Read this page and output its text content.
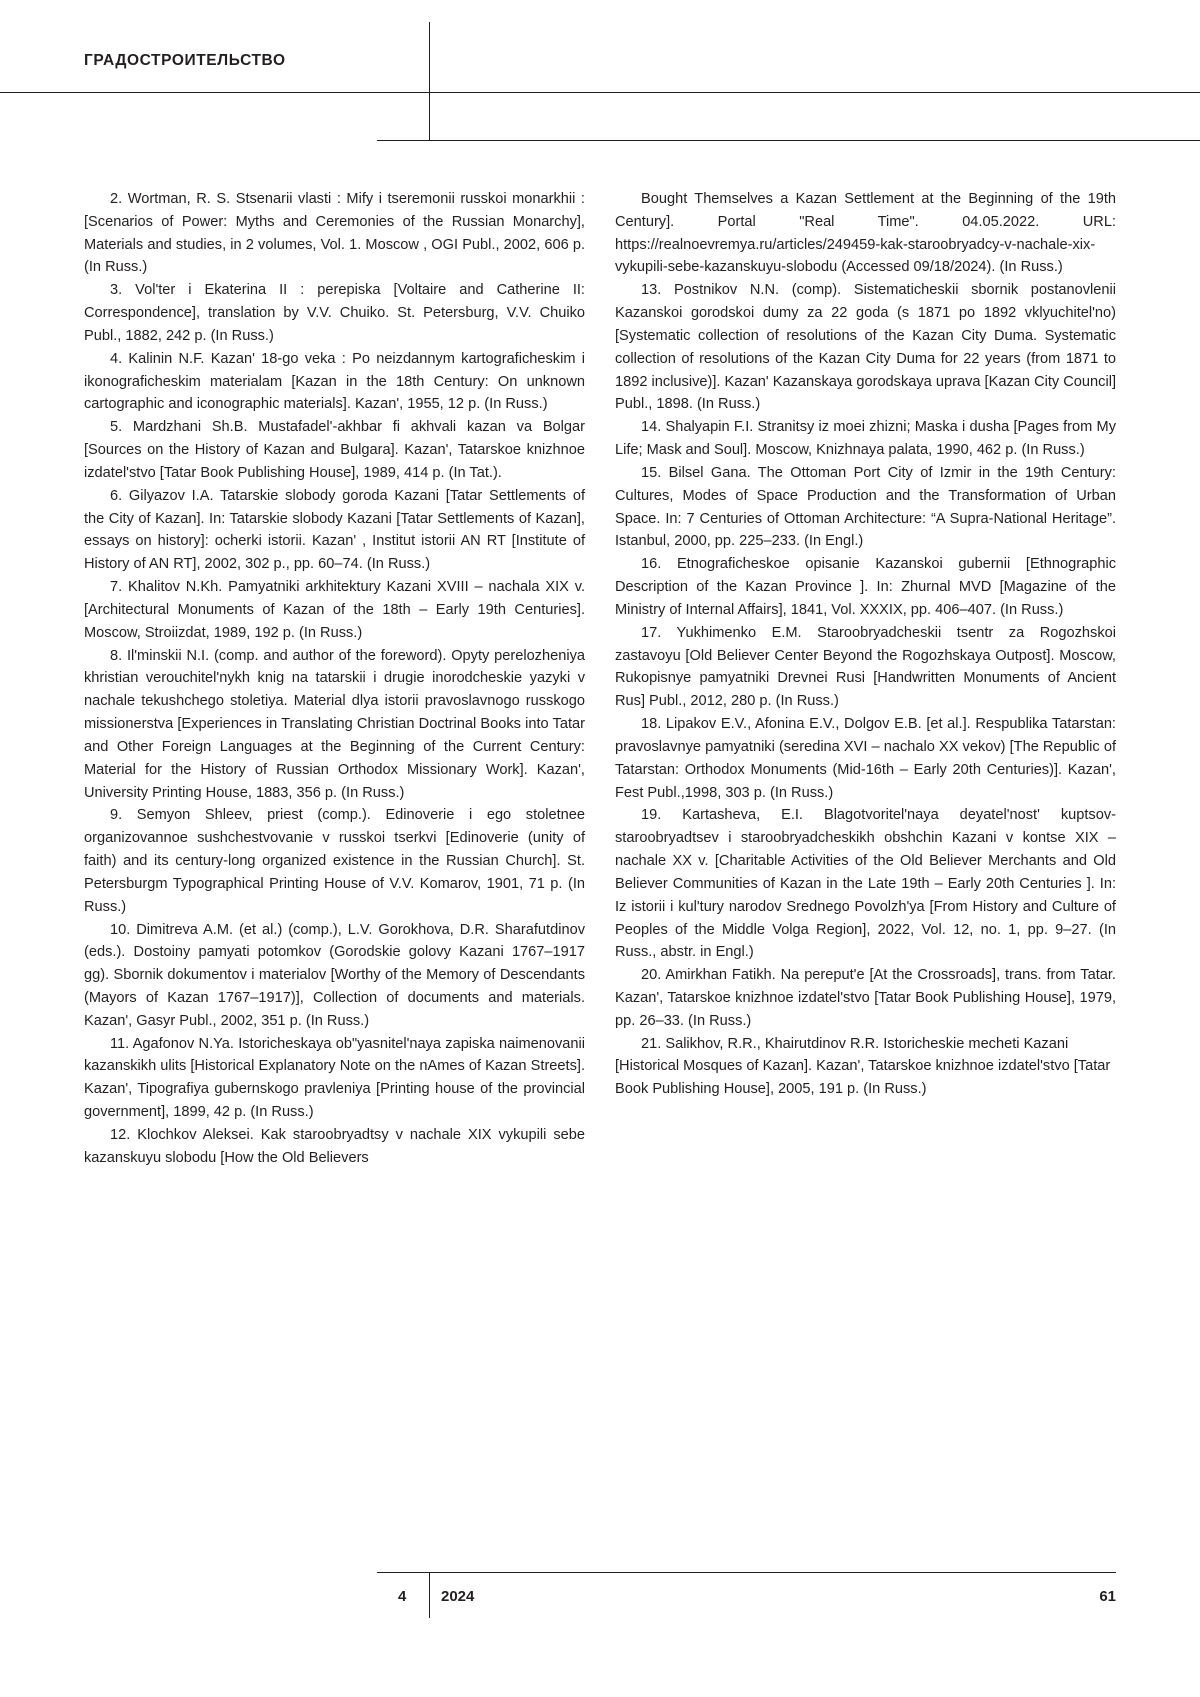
ГРАДОСТРОИТЕЛЬСТВО

2. Wortman, R. S. Stsenarii vlasti : Mify i tseremonii russkoi monarkhii : [Scenarios of Power: Myths and Ceremonies of the Russian Monarchy], Materials and studies, in 2 volumes, Vol. 1. Moscow , OGI Publ., 2002, 606 p. (In Russ.)

3. Vol'ter i Ekaterina II : perepiska [Voltaire and Catherine II: Correspondence], translation by V.V. Chuiko. St. Petersburg, V.V. Chuiko Publ., 1882, 242 p. (In Russ.)

4. Kalinin N.F. Kazan' 18-go veka : Po neizdannym kartograficheskim i ikonograficheskim materialam [Kazan in the 18th Century: On unknown cartographic and iconographic materials]. Kazan', 1955, 12 p. (In Russ.)

5. Mardzhani Sh.B. Mustafadel'-akhbar fi akhvali kazan va Bolgar [Sources on the History of Kazan and Bulgara]. Kazan', Tatarskoe knizhnoe izdatel'stvo [Tatar Book Publishing House], 1989, 414 p. (In Tat.).

6. Gilyazov I.A. Tatarskie slobody goroda Kazani [Tatar Settlements of the City of Kazan]. In: Tatarskie slobody Kazani [Tatar Settlements of Kazan], essays on history]: ocherki istorii. Kazan' , Institut istorii AN RT [Institute of History of AN RT], 2002, 302 p., pp. 60–74. (In Russ.)

7. Khalitov N.Kh. Pamyatniki arkhitektury Kazani XVIII – nachala XIX v. [Architectural Monuments of Kazan of the 18th – Early 19th Centuries]. Moscow, Stroiizdat, 1989, 192 p. (In Russ.)

8. Il'minskii N.I. (comp. and author of the foreword). Opyty perelozheniya khristian verouchitel'nykh knig na tatarskii i drugie inorodcheskie yazyki v nachale tekushchego stoletiya. Material dlya istorii pravoslavnogo russkogo missionerstva [Experiences in Translating Christian Doctrinal Books into Tatar and Other Foreign Languages at the Beginning of the Current Century: Material for the History of Russian Orthodox Missionary Work]. Kazan', University Printing House, 1883, 356 p. (In Russ.)

9. Semyon Shleev, priest (comp.). Edinoverie i ego stoletnee organizovannoe sushchestvovanie v russkoi tserkvi [Edinoverie (unity of faith) and its century-long organized existence in the Russian Church]. St. Petersburgm Typographical Printing House of V.V. Komarov, 1901, 71 p. (In Russ.)

10. Dimitreva A.M. (et al.) (comp.), L.V. Gorokhova, D.R. Sharafutdinov (eds.). Dostoiny pamyati potomkov (Gorodskie golovy Kazani 1767–1917 gg). Sbornik dokumentov i materialov [Worthy of the Memory of Descendants (Mayors of Kazan 1767–1917)], Collection of documents and materials. Kazan', Gasyr Publ., 2002, 351 p. (In Russ.)

11. Agafonov N.Ya. Istoricheskaya ob"yasnitel'naya zapiska naimenovanii kazanskikh ulits [Historical Explanatory Note on the nAmes of Kazan Streets]. Kazan', Tipografiya gubernskogo pravleniya [Printing house of the provincial government], 1899, 42 p. (In Russ.)

12. Klochkov Aleksei. Kak staroobryadtsy v nachale XIX vykupili sebe kazanskuyu slobodu [How the Old Believers

Bought Themselves a Kazan Settlement at the Beginning of the 19th Century]. Portal "Real Time". 04.05.2022. URL: https://realnoevremya.ru/articles/249459-kak-staroobryadcy-v-nachale-xix-vykupili-sebe-kazanskuyu-slobodu (Accessed 09/18/2024). (In Russ.)

13. Postnikov N.N. (comp). Sistematicheskii sbornik postanovlenii Kazanskoi gorodskoi dumy za 22 goda (s 1871 po 1892 vklyuchitel'no) [Systematic collection of resolutions of the Kazan City Duma. Systematic collection of resolutions of the Kazan City Duma for 22 years (from 1871 to 1892 inclusive)]. Kazan' Kazanskaya gorodskaya uprava [Kazan City Council] Publ., 1898. (In Russ.)

14. Shalyapin F.I. Stranitsy iz moei zhizni; Maska i dusha [Pages from My Life; Mask and Soul]. Moscow, Knizhnaya palata, 1990, 462 p. (In Russ.)

15. Bilsel Gana. The Ottoman Port City of Izmir in the 19th Century: Cultures, Modes of Space Production and the Transformation of Urban Space. In: 7 Centuries of Ottoman Architecture: “A Supra-National Heritage”. Istanbul, 2000, pp. 225–233. (In Engl.)

16. Etnograficheskoe opisanie Kazanskoi gubernii [Ethnographic Description of the Kazan Province ]. In: Zhurnal MVD [Magazine of the Ministry of Internal Affairs], 1841, Vol. XXXIX, pp. 406–407. (In Russ.)

17. Yukhimenko E.M. Staroobryadcheskii tsentr za Rogozhskoi zastavoyu [Old Believer Center Beyond the Rogozhskaya Outpost]. Moscow, Rukopisnye pamyatniki Drevnei Rusi [Handwritten Monuments of Ancient Rus] Publ., 2012, 280 p. (In Russ.)

18. Lipakov E.V., Afonina E.V., Dolgov E.B. [et al.]. Respublika Tatarstan: pravoslavnye pamyatniki (seredina XVI – nachalo XX vekov) [The Republic of Tatarstan: Orthodox Monuments (Mid-16th – Early 20th Centuries)]. Kazan', Fest Publ.,1998, 303 p. (In Russ.)

19. Kartasheva, E.I. Blagotvoritel'naya deyatel'nost' kuptsov-staroobryadtsev i staroobryadcheskikh obshchin Kazani v kontse XIX – nachale XX v. [Charitable Activities of the Old Believer Merchants and Old Believer Communities of Kazan in the Late 19th – Early 20th Centuries ]. In: Iz istorii i kul'tury narodov Srednego Povolzh'ya [From History and Culture of Peoples of the Middle Volga Region], 2022, Vol. 12, no. 1, pp. 9–27. (In Russ., abstr. in Engl.)

20. Amirkhan Fatikh. Na pereput'e [At the Crossroads], trans. from Tatar. Kazan', Tatarskoe knizhnoe izdatel'stvo [Tatar Book Publishing House], 1979, pp. 26–33. (In Russ.)

21. Salikhov, R.R., Khairutdinov R.R. Istoricheskie mecheti Kazani [Historical Mosques of Kazan]. Kazan', Tatarskoe knizhnoe izdatel'stvo [Tatar Book Publishing House], 2005, 191 p. (In Russ.)

4 2024	61
